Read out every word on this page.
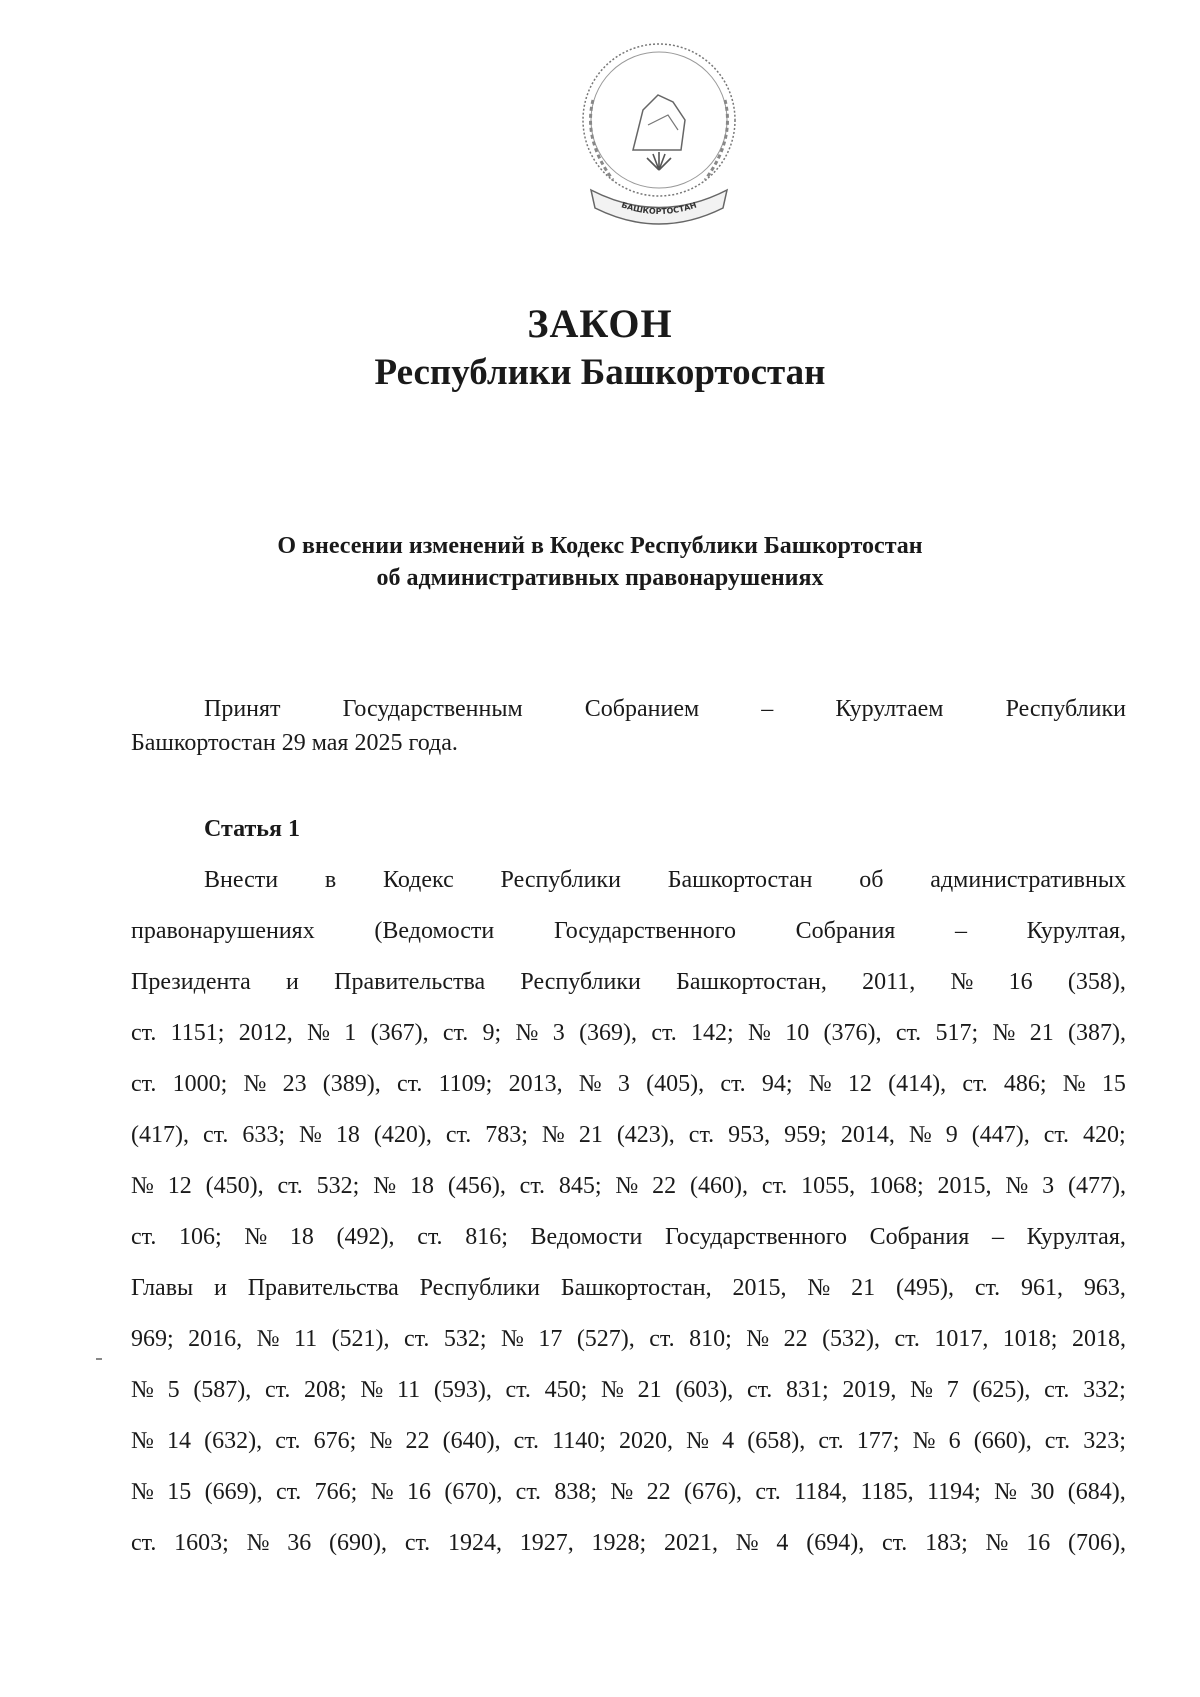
БАШКОРТОСТАН
ЗАКОН
Республики Башкортостан
О внесении изменений в Кодекс Республики Башкортостан
об административных правонарушениях
Принят	Государственным	Собранием	–	Курултаем	Республики
Башкортостан 29 мая 2025 года.
Статья 1
Внести в Кодекс Республики Башкортостан об административных
правонарушениях (Ведомости Государственного Собрания – Курултая,
Президента и Правительства Республики Башкортостан, 2011, № 16 (358),
ст. 1151; 2012, № 1 (367), ст. 9; № 3 (369), ст. 142; № 10 (376), ст. 517; № 21 (387),
ст. 1000; № 23 (389), ст. 1109; 2013, № 3 (405), ст. 94; № 12 (414), ст. 486; № 15
(417), ст. 633; № 18 (420), ст. 783; № 21 (423), ст. 953, 959; 2014, № 9 (447), ст. 420;
№ 12 (450), ст. 532; № 18 (456), ст. 845; № 22 (460), ст. 1055, 1068; 2015, № 3 (477),
ст. 106; № 18 (492), ст. 816; Ведомости Государственного Собрания – Курултая,
Главы и Правительства Республики Башкортостан, 2015, № 21 (495), ст. 961, 963,
969; 2016, № 11 (521), ст. 532; № 17 (527), ст. 810; № 22 (532), ст. 1017, 1018; 2018,
№ 5 (587), ст. 208; № 11 (593), ст. 450; № 21 (603), ст. 831; 2019, № 7 (625), ст. 332;
№ 14 (632), ст. 676; № 22 (640), ст. 1140; 2020, № 4 (658), ст. 177; № 6 (660), ст. 323;
№ 15 (669), ст. 766; № 16 (670), ст. 838; № 22 (676), ст. 1184, 1185, 1194; № 30 (684),
ст. 1603; № 36 (690), ст. 1924, 1927, 1928; 2021, № 4 (694), ст. 183; № 16 (706),
